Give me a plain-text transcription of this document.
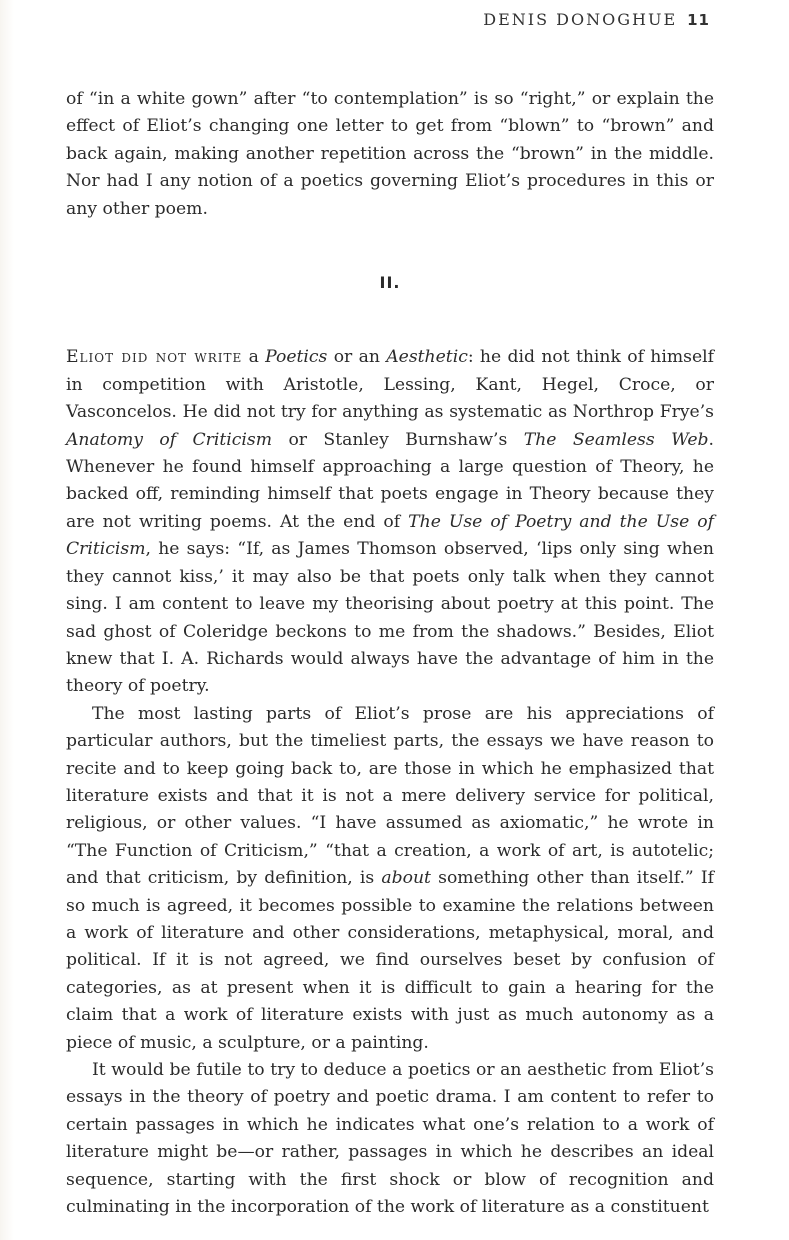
DENIS DONOGHUE 11

of “in a white gown” after “to contemplation” is so “right,” or explain the effect of Eliot’s changing one letter to get from “blown” to “brown” and back again, making another repetition across the “brown” in the middle. Nor had I any notion of a poetics governing Eliot’s procedures in this or any other poem.

II.

Eliot did not write a Poetics or an Aesthetic: he did not think of himself in competition with Aristotle, Lessing, Kant, Hegel, Croce, or Vasconcelos. He did not try for anything as systematic as Northrop Frye’s Anatomy of Criticism or Stanley Burnshaw’s The Seamless Web. Whenever he found himself approaching a large question of Theory, he backed off, reminding himself that poets engage in Theory because they are not writing poems. At the end of The Use of Poetry and the Use of Criticism, he says: “If, as James Thomson observed, ‘lips only sing when they cannot kiss,’ it may also be that poets only talk when they cannot sing. I am content to leave my theorising about poetry at this point. The sad ghost of Coleridge beckons to me from the shadows.” Besides, Eliot knew that I. A. Richards would always have the advantage of him in the theory of poetry.

The most lasting parts of Eliot’s prose are his appreciations of particular authors, but the timeliest parts, the essays we have reason to recite and to keep going back to, are those in which he emphasized that literature exists and that it is not a mere delivery service for political, religious, or other values. “I have assumed as axiomatic,” he wrote in “The Function of Criticism,” “that a creation, a work of art, is autotelic; and that criticism, by definition, is about something other than itself.” If so much is agreed, it becomes possible to examine the relations between a work of literature and other considerations, metaphysical, moral, and political. If it is not agreed, we find ourselves beset by confusion of categories, as at present when it is difficult to gain a hearing for the claim that a work of literature exists with just as much autonomy as a piece of music, a sculpture, or a painting.

It would be futile to try to deduce a poetics or an aesthetic from Eliot’s essays in the theory of poetry and poetic drama. I am content to refer to certain passages in which he indicates what one’s relation to a work of literature might be—or rather, passages in which he describes an ideal sequence, starting with the first shock or blow of recognition and culminating in the incorporation of the work of literature as a constituent
